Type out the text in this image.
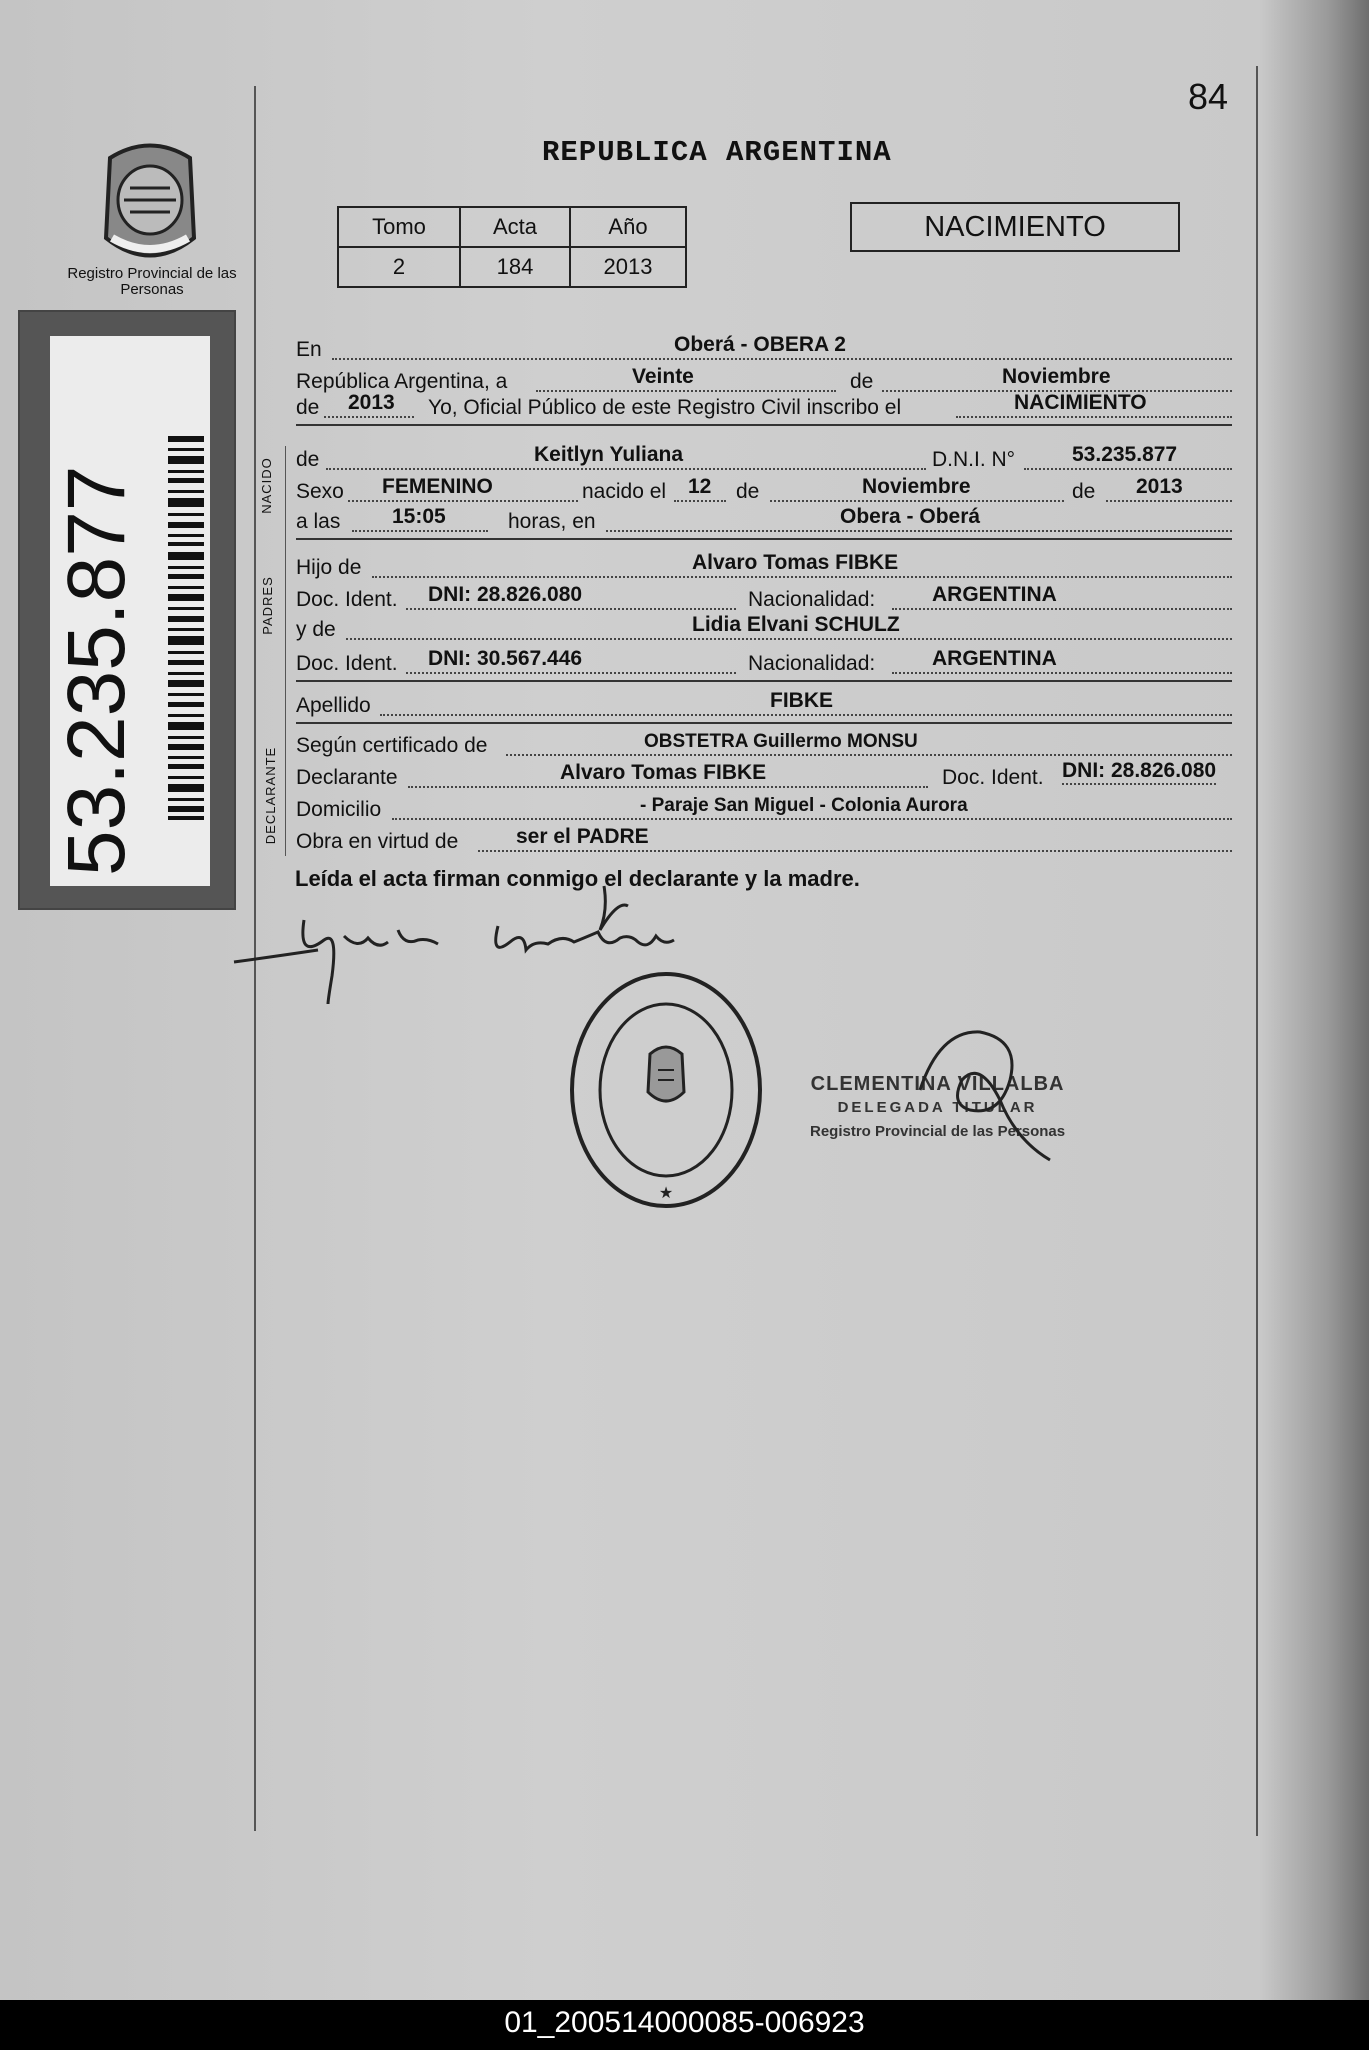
84
REPUBLICA ARGENTINA
Tomo	Acta	Año
2	184	2013
NACIMIENTO
Registro Provincial de las Personas
53.235.877	NACIDO
PADRES
DECLARANTE
En	Oberá - OBERA 2
República Argentina, a	Veinte	de	Noviembre
de 2013 Yo, Oficial Público de este Registro Civil inscribo el	NACIMIENTO
de	Keitlyn Yuliana	D.N.I. N°	53.235.877
Sexo FEMENINO	nacido el 12 de	Noviembre	de 2013
a las 15:05	horas, en	Obera - Oberá
Hijo de	Alvaro Tomas FIBKE
Doc. Ident. DNI: 28.826.080	Nacionalidad:	ARGENTINA
y de	Lidia Elvani SCHULZ
Doc. Ident. DNI: 30.567.446	Nacionalidad:	ARGENTINA
Apellido	FIBKE
Según certificado de	OBSTETRA Guillermo MONSU
Declarante	Alvaro Tomas FIBKE	Doc. Ident. DNI: 28.826.080
Domicilio	- Paraje San Miguel - Colonia Aurora
Obra en virtud de	ser el PADRE
Leída el acta firman conmigo el declarante y la madre.
★
CLEMENTINA VILLALBA
DELEGADA TITULAR
Registro Provincial de las Personas
01_200514000085-006923
